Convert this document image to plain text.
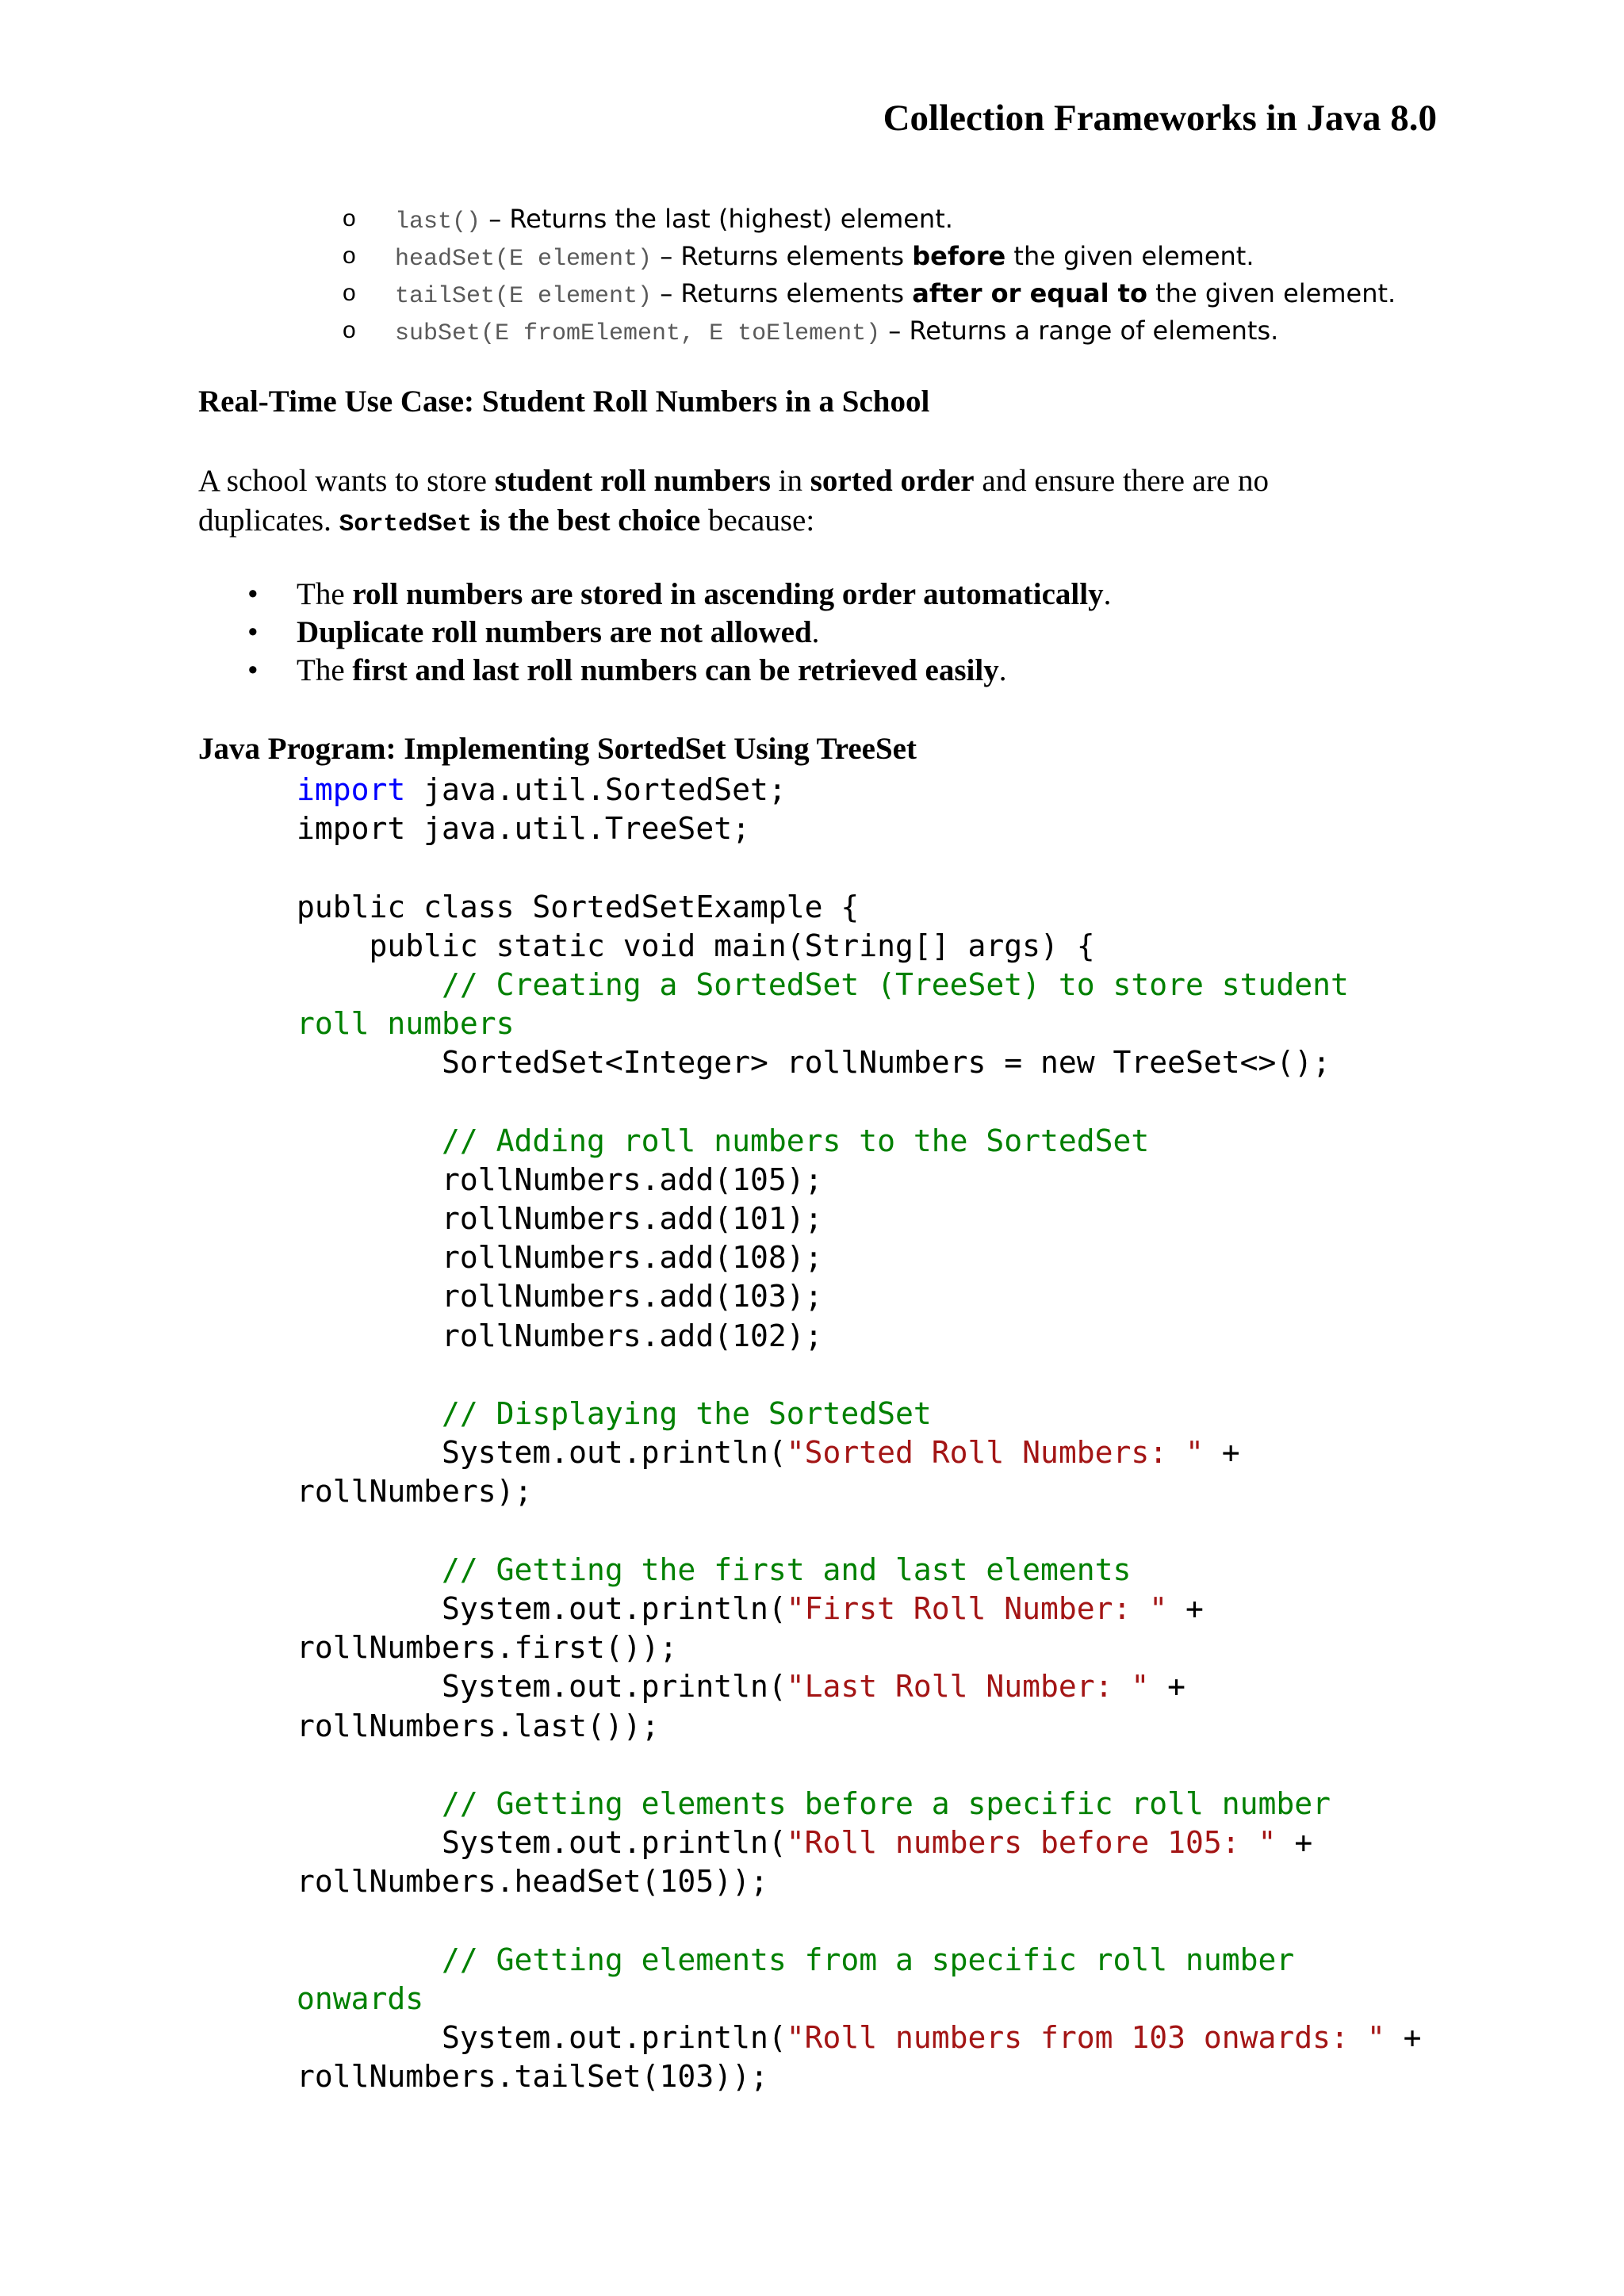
Collection Frameworks in Java 8.0
o last() – Returns the last (highest) element.
o headSet(E element) – Returns elements before the given element.
o tailSet(E element) – Returns elements after or equal to the given element.
o subSet(E fromElement, E toElement) – Returns a range of elements.
Real-Time Use Case: Student Roll Numbers in a School
A school wants to store student roll numbers in sorted order and ensure there are no
duplicates. SortedSet is the best choice because:
• The roll numbers are stored in ascending order automatically.
• Duplicate roll numbers are not allowed.
• The first and last roll numbers can be retrieved easily.
Java Program: Implementing SortedSet Using TreeSet
import java.util.SortedSet;
import java.util.TreeSet;
public class SortedSetExample {
public static void main(String[] args) {
// Creating a SortedSet (TreeSet) to store student
roll numbers
SortedSet<Integer> rollNumbers = new TreeSet<>();
// Adding roll numbers to the SortedSet
rollNumbers.add(105);
rollNumbers.add(101);
rollNumbers.add(108);
rollNumbers.add(103);
rollNumbers.add(102);
// Displaying the SortedSet
System.out.println("Sorted Roll Numbers: " +
rollNumbers);
// Getting the first and last elements
System.out.println("First Roll Number: " +
rollNumbers.first());
System.out.println("Last Roll Number: " +
rollNumbers.last());
// Getting elements before a specific roll number
System.out.println("Roll numbers before 105: " +
rollNumbers.headSet(105));
// Getting elements from a specific roll number
onwards
System.out.println("Roll numbers from 103 onwards: " +
rollNumbers.tailSet(103));
